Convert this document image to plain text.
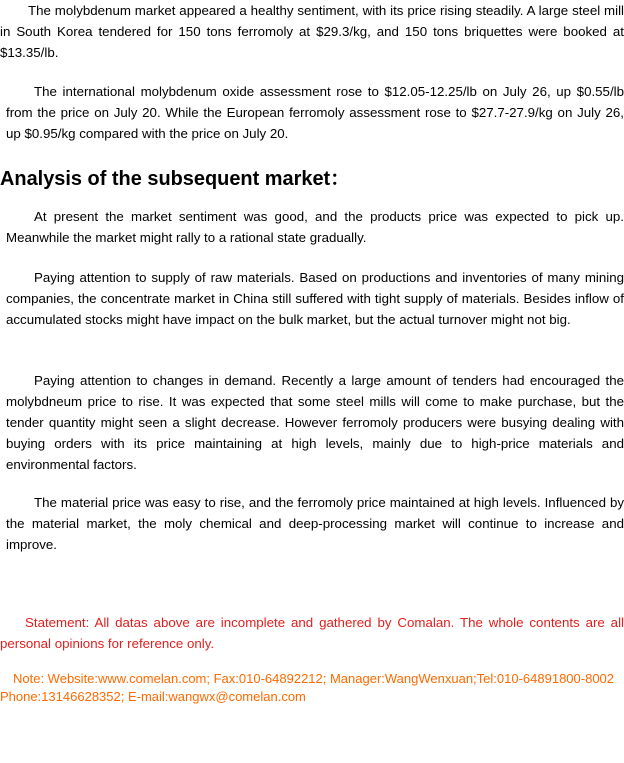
The molybdenum market appeared a healthy sentiment, with its price rising steadily. A large steel mill in South Korea tendered for 150 tons ferromoly at $29.3/kg, and 150 tons briquettes were booked at $13.35/lb.

The international molybdenum oxide assessment rose to $12.05-12.25/lb on July 26, up $0.55/lb from the price on July 20. While the European ferromoly assessment rose to $27.7-27.9/kg on July 26, up $0.95/kg compared with the price on July 20.

Analysis of the subsequent market：

At present the market sentiment was good, and the products price was expected to pick up. Meanwhile the market might rally to a rational state gradually.

Paying attention to supply of raw materials. Based on productions and inventories of many mining companies, the concentrate market in China still suffered with tight supply of materials. Besides inflow of accumulated stocks might have impact on the bulk market, but the actual turnover might not big.

Paying attention to changes in demand. Recently a large amount of tenders had encouraged the molybdneum price to rise. It was expected that some steel mills will come to make purchase, but the tender quantity might seen a slight decrease. However ferromoly producers were busying dealing with buying orders with its price maintaining at high levels, mainly due to high-price materials and environmental factors.

The material price was easy to rise, and the ferromoly price maintained at high levels. Influenced by the material market, the moly chemical and deep-processing market will continue to increase and improve.

Statement: All datas above are incomplete and gathered by Comalan. The whole contents are all personal opinions for reference only.

Note: Website:www.comelan.com; Fax:010-64892212; Manager:WangWenxuan;Tel:010-64891800-8002 Phone:13146628352; E-mail:wangwx@comelan.com
